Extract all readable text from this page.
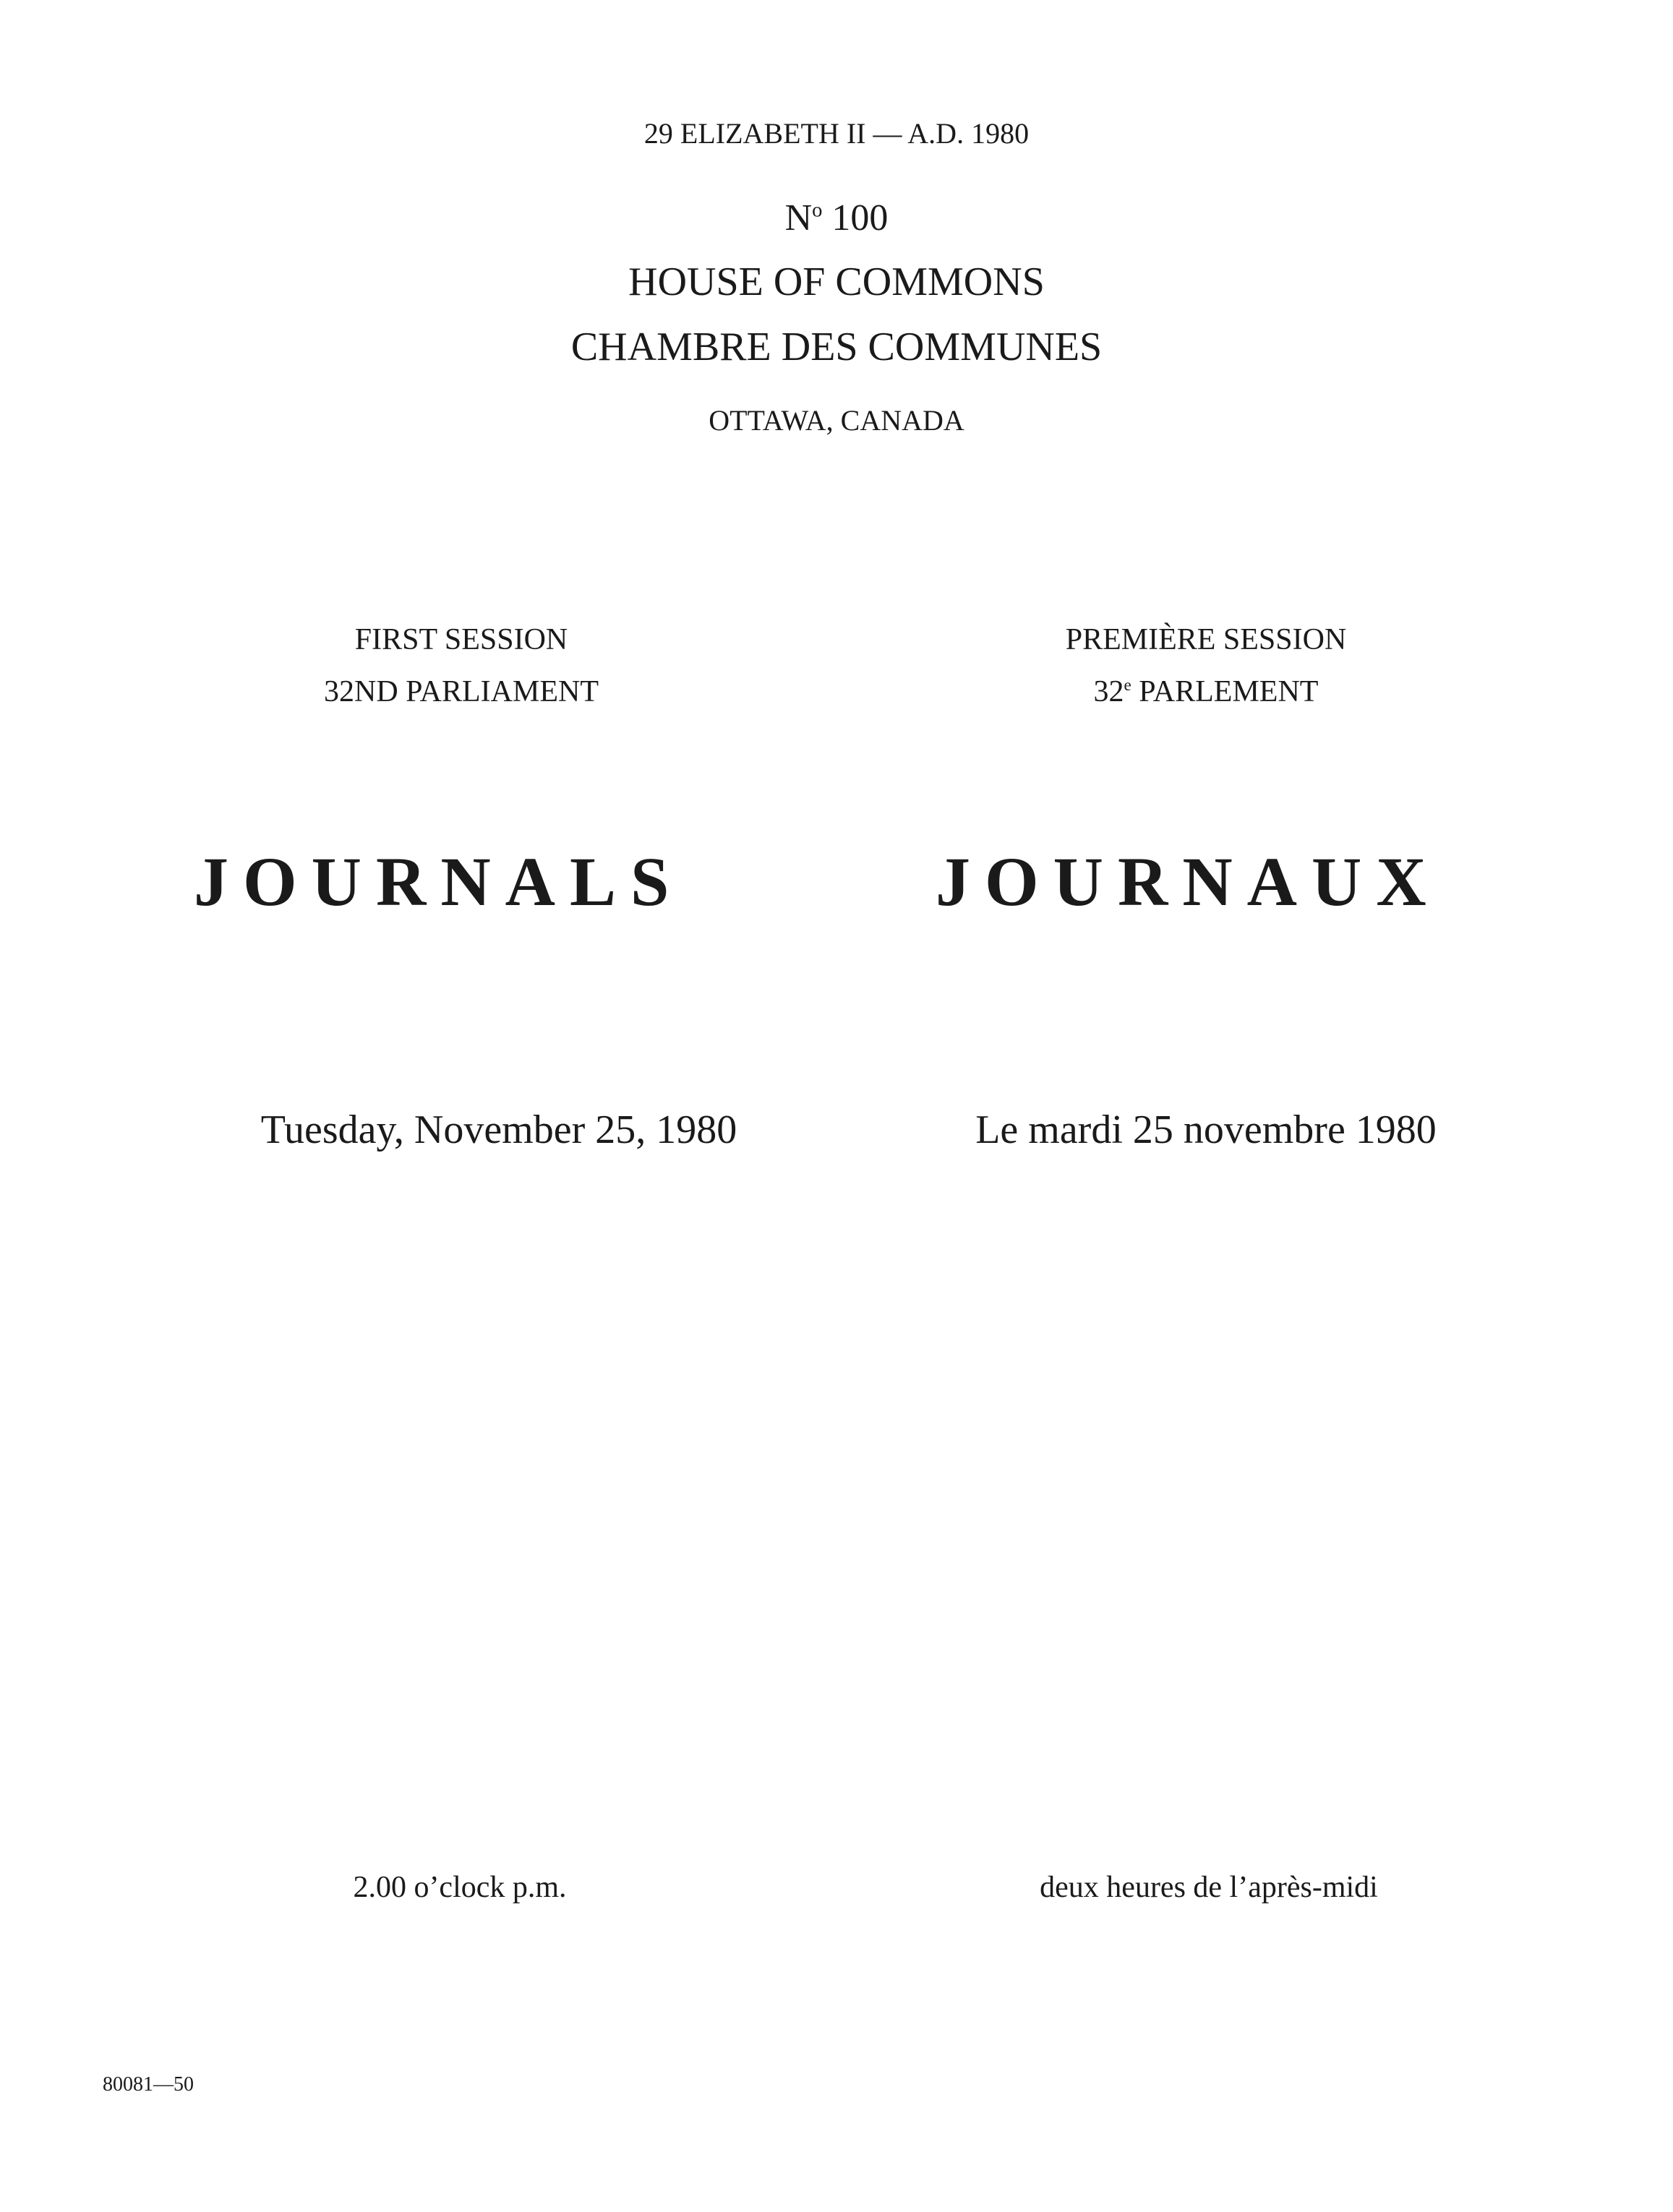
29 ELIZABETH II — A.D. 1980
$N^o$ 100
HOUSE OF COMMONS
CHAMBRE DES COMMUNES
OTTAWA, CANADA
FIRST SESSION
32ND PARLIAMENT
PREMIÈRE SESSION
32e PARLEMENT
JOURNALS	JOURNAUX
Tuesday, November 25, 1980	Le mardi 25 novembre 1980
2.00 o’clock p.m.	deux heures de l’après-midi
80081—50
